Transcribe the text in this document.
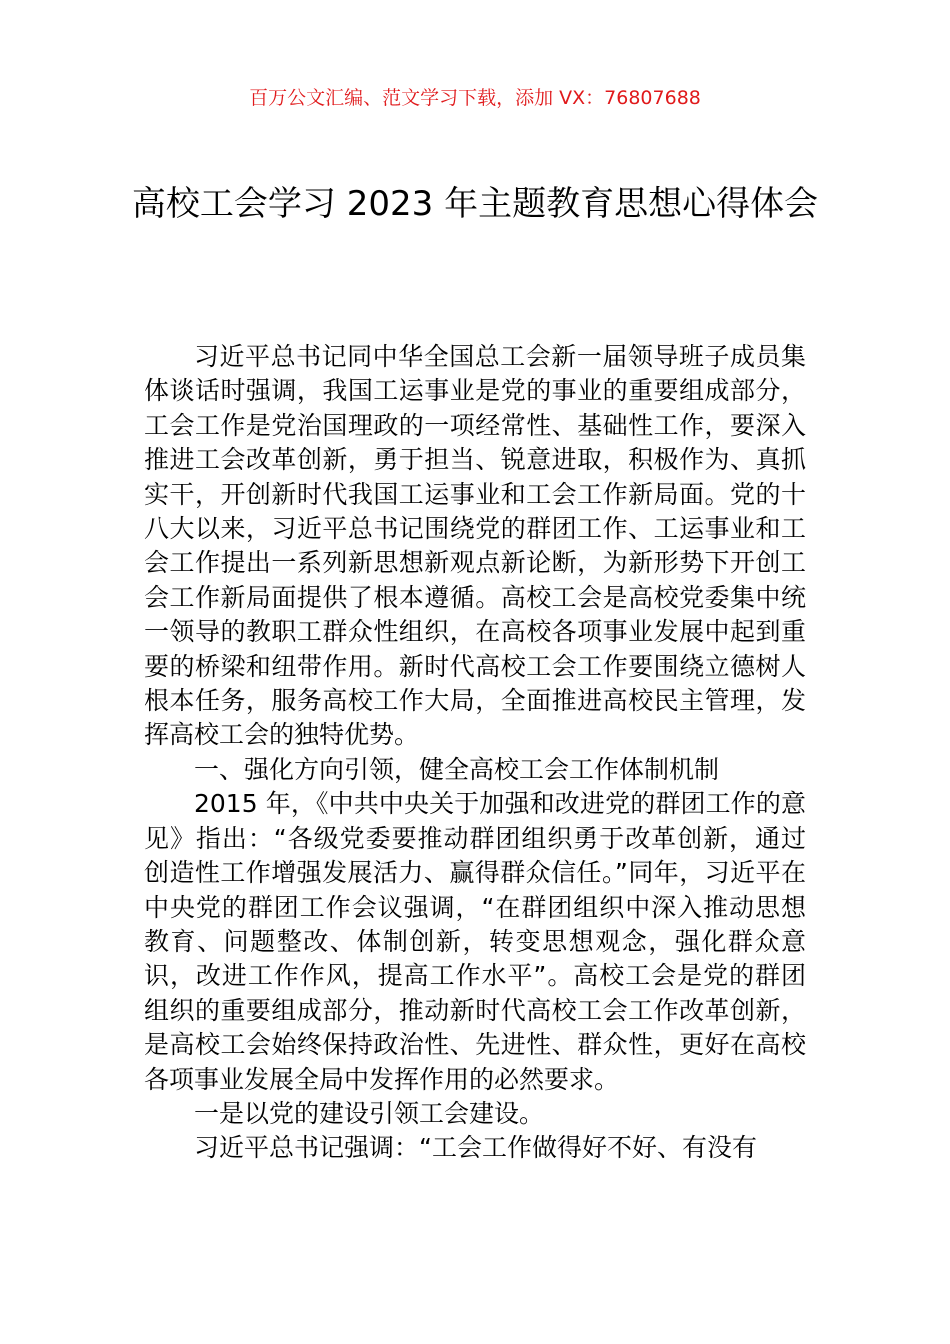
百万公文汇编、范文学习下载，添加 VX：76807688
高校工会学习 2023 年主题教育思想心得体会

习近平总书记同中华全国总工会新一届领导班子成员集体谈话时强调，我国工运事业是党的事业的重要组成部分，工会工作是党治国理政的一项经常性、基础性工作，要深入推进工会改革创新，勇于担当、锐意进取，积极作为、真抓实干，开创新时代我国工运事业和工会工作新局面。党的十八大以来，习近平总书记围绕党的群团工作、工运事业和工会工作提出一系列新思想新观点新论断，为新形势下开创工会工作新局面提供了根本遵循。高校工会是高校党委集中统一领导的教职工群众性组织，在高校各项事业发展中起到重要的桥梁和纽带作用。新时代高校工会工作要围绕立德树人根本任务，服务高校工作大局，全面推进高校民主管理，发挥高校工会的独特优势。

一、强化方向引领，健全高校工会工作体制机制

2015 年，《中共中央关于加强和改进党的群团工作的意见》指出：“各级党委要推动群团组织勇于改革创新，通过创造性工作增强发展活力、赢得群众信任。”同年，习近平在中央党的群团工作会议强调，“在群团组织中深入推动思想教育、问题整改、体制创新，转变思想观念，强化群众意识，改进工作作风，提高工作水平”。高校工会是党的群团组织的重要组成部分，推动新时代高校工会工作改革创新，是高校工会始终保持政治性、先进性、群众性，更好在高校各项事业发展全局中发挥作用的必然要求。

一是以党的建设引领工会建设。

习近平总书记强调：“工会工作做得好不好、有没有
